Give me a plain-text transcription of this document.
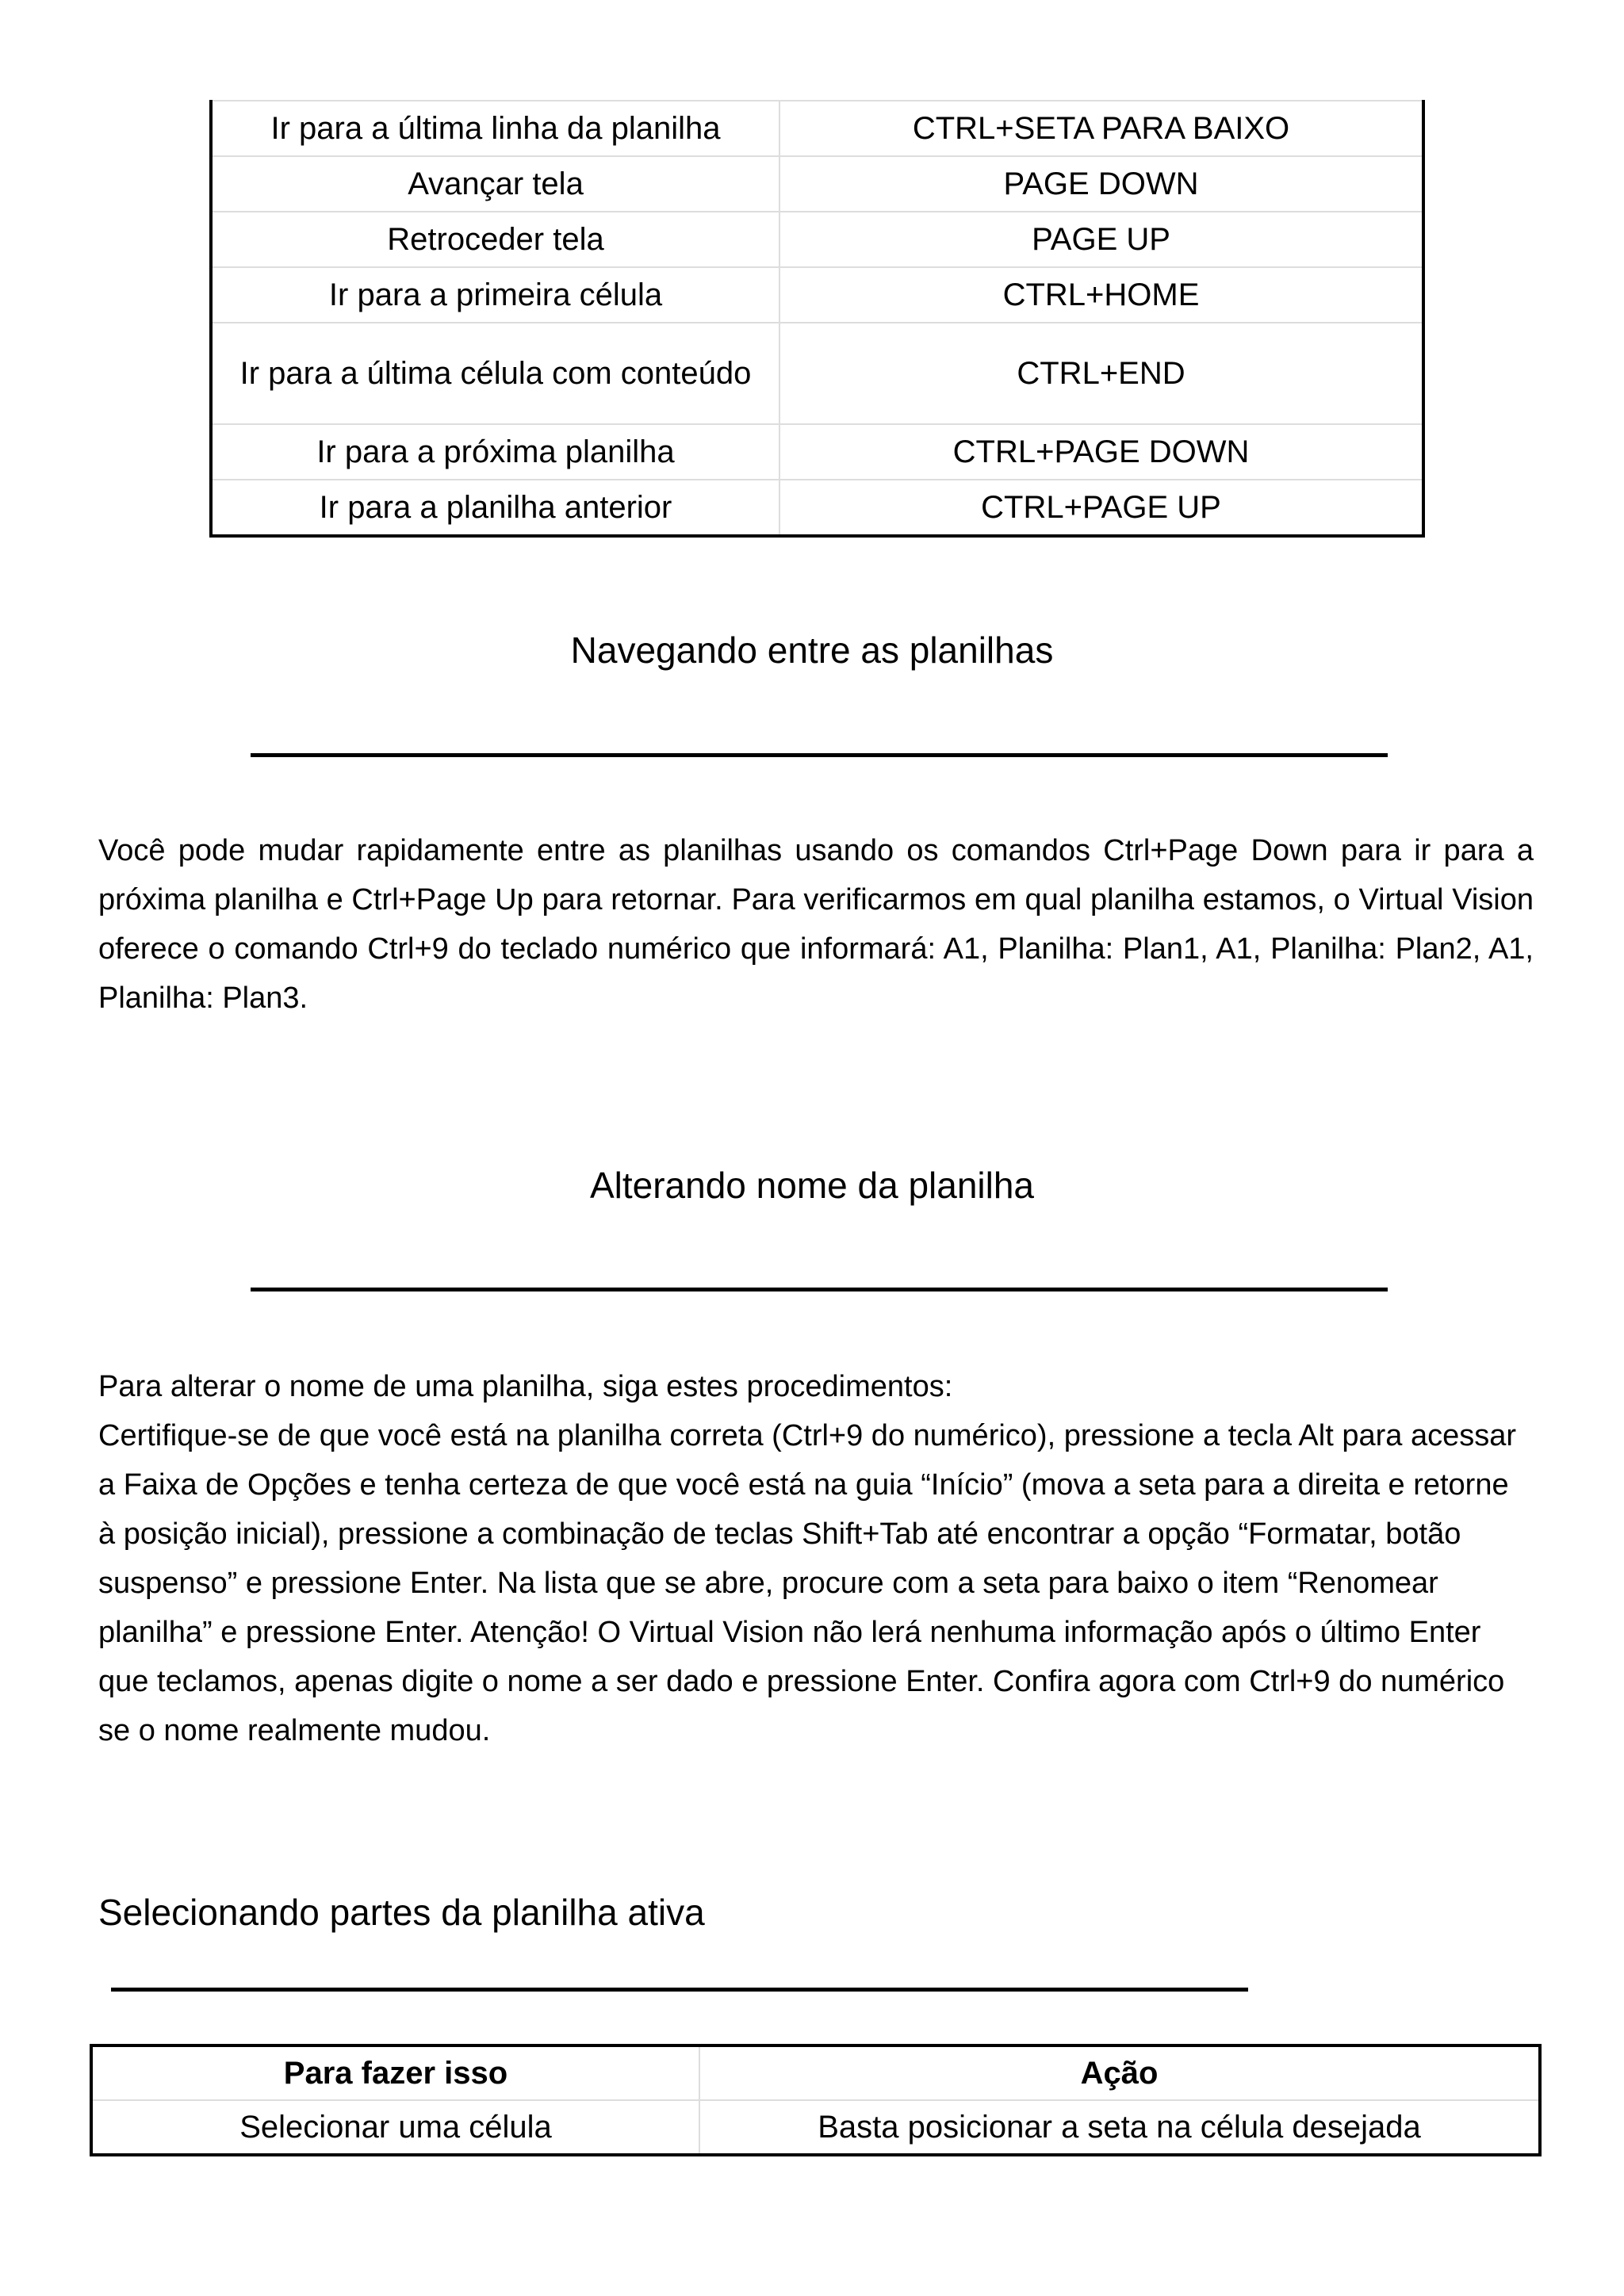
Ir para a última linha da planilha	CTRL+SETA PARA BAIXO
Avançar tela	PAGE DOWN
Retroceder tela	PAGE UP
Ir para a primeira célula	CTRL+HOME
Ir para a última célula com conteúdo	CTRL+END
Ir para a próxima planilha	CTRL+PAGE DOWN
Ir para a planilha anterior	CTRL+PAGE UP
Navegando entre as planilhas
Você pode mudar rapidamente entre as planilhas usando os comandos Ctrl+Page Down para ir para a próxima planilha e Ctrl+Page Up para retornar. Para verificarmos em qual planilha estamos, o Virtual Vision oferece o comando Ctrl+9 do teclado numérico que informará: A1, Planilha: Plan1, A1, Planilha: Plan2, A1, Planilha: Plan3.
Alterando nome da planilha

Para alterar o nome de uma planilha, siga estes procedimentos:

Certifique-se de que você está na planilha correta (Ctrl+9 do numérico), pressione a tecla Alt para acessar a Faixa de Opções e tenha certeza de que você está na guia “Início” (mova a seta para a direita e retorne à posição inicial), pressione a combinação de teclas Shift+Tab até encontrar a opção “Formatar, botão suspenso” e pressione Enter. Na lista que se abre, procure com a seta para baixo o item “Renomear planilha” e pressione Enter. Atenção! O Virtual Vision não lerá nenhuma informação após o último Enter que teclamos, apenas digite o nome a ser dado e pressione Enter. Confira agora com Ctrl+9 do numérico se o nome realmente mudou.

Selecionando partes da planilha ativa
Para fazer isso	Ação
Selecionar uma célula	Basta posicionar a seta na célula desejada
